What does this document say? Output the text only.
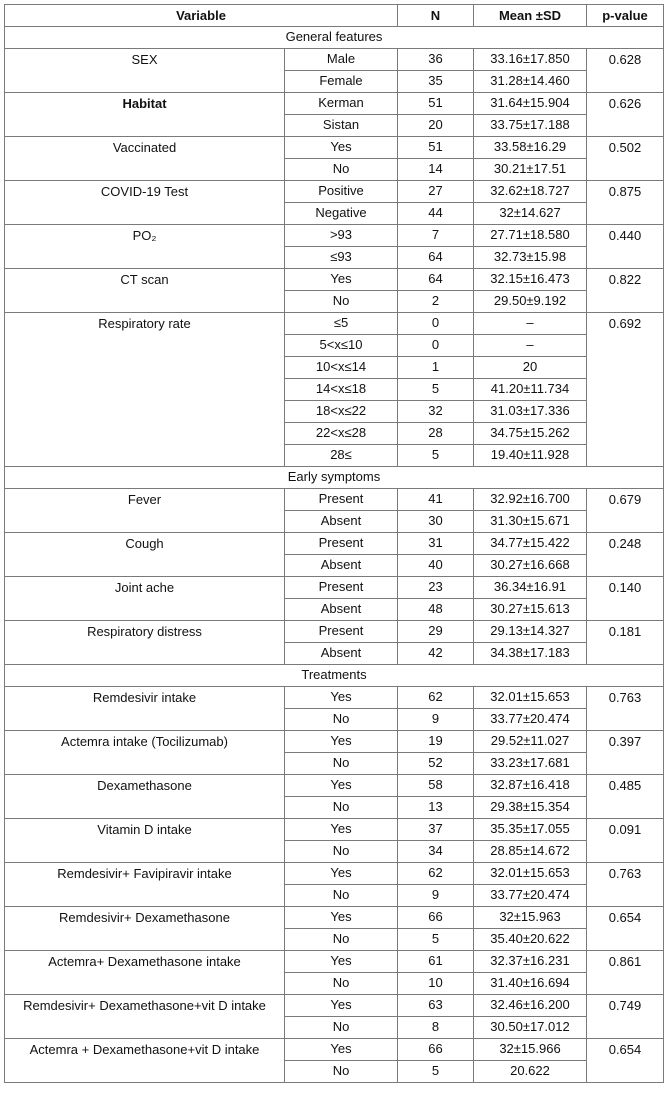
Variable		N	Mean ±SD	p-value
General features				
SEX	Male	36	33.16±17.850	0.628
	Female	35	31.28±14.460	
Habitat	Kerman	51	31.64±15.904	0.626
	Sistan	20	33.75±17.188	
Vaccinated	Yes	51	33.58±16.29	0.502
	No	14	30.21±17.51	
COVID-19 Test	Positive	27	32.62±18.727	0.875
	Negative	44	32±14.627	
PO₂	>93	7	27.71±18.580	0.440
	≤93	64	32.73±15.98	
CT scan	Yes	64	32.15±16.473	0.822
	No	2	29.50±9.192	
Respiratory rate	≤5	0	–	0.692
	5<x≤10	0	–	
	10<x≤14	1	20	
	14<x≤18	5	41.20±11.734	
	18<x≤22	32	31.03±17.336	
	22<x≤28	28	34.75±15.262	
	28≤	5	19.40±11.928	
Early symptoms				
Fever	Present	41	32.92±16.700	0.679
	Absent	30	31.30±15.671	
Cough	Present	31	34.77±15.422	0.248
	Absent	40	30.27±16.668	
Joint ache	Present	23	36.34±16.91	0.140
	Absent	48	30.27±15.613	
Respiratory distress	Present	29	29.13±14.327	0.181
	Absent	42	34.38±17.183	
Treatments				
Remdesivir intake	Yes	62	32.01±15.653	0.763
	No	9	33.77±20.474	
Actemra intake (Tocilizumab)	Yes	19	29.52±11.027	0.397
	No	52	33.23±17.681	
Dexamethasone	Yes	58	32.87±16.418	0.485
	No	13	29.38±15.354	
Vitamin D intake	Yes	37	35.35±17.055	0.091
	No	34	28.85±14.672	
Remdesivir+ Favipiravir intake	Yes	62	32.01±15.653	0.763
	No	9	33.77±20.474	
Remdesivir+ Dexamethasone	Yes	66	32±15.963	0.654
	No	5	35.40±20.622	
Actemra+ Dexamethasone intake	Yes	61	32.37±16.231	0.861
	No	10	31.40±16.694	
Remdesivir+ Dexamethasone+vit D intake	Yes	63	32.46±16.200	0.749
	No	8	30.50±17.012	
Actemra + Dexamethasone+vit D intake	Yes	66	32±15.966	0.654
	No	5	20.622	
